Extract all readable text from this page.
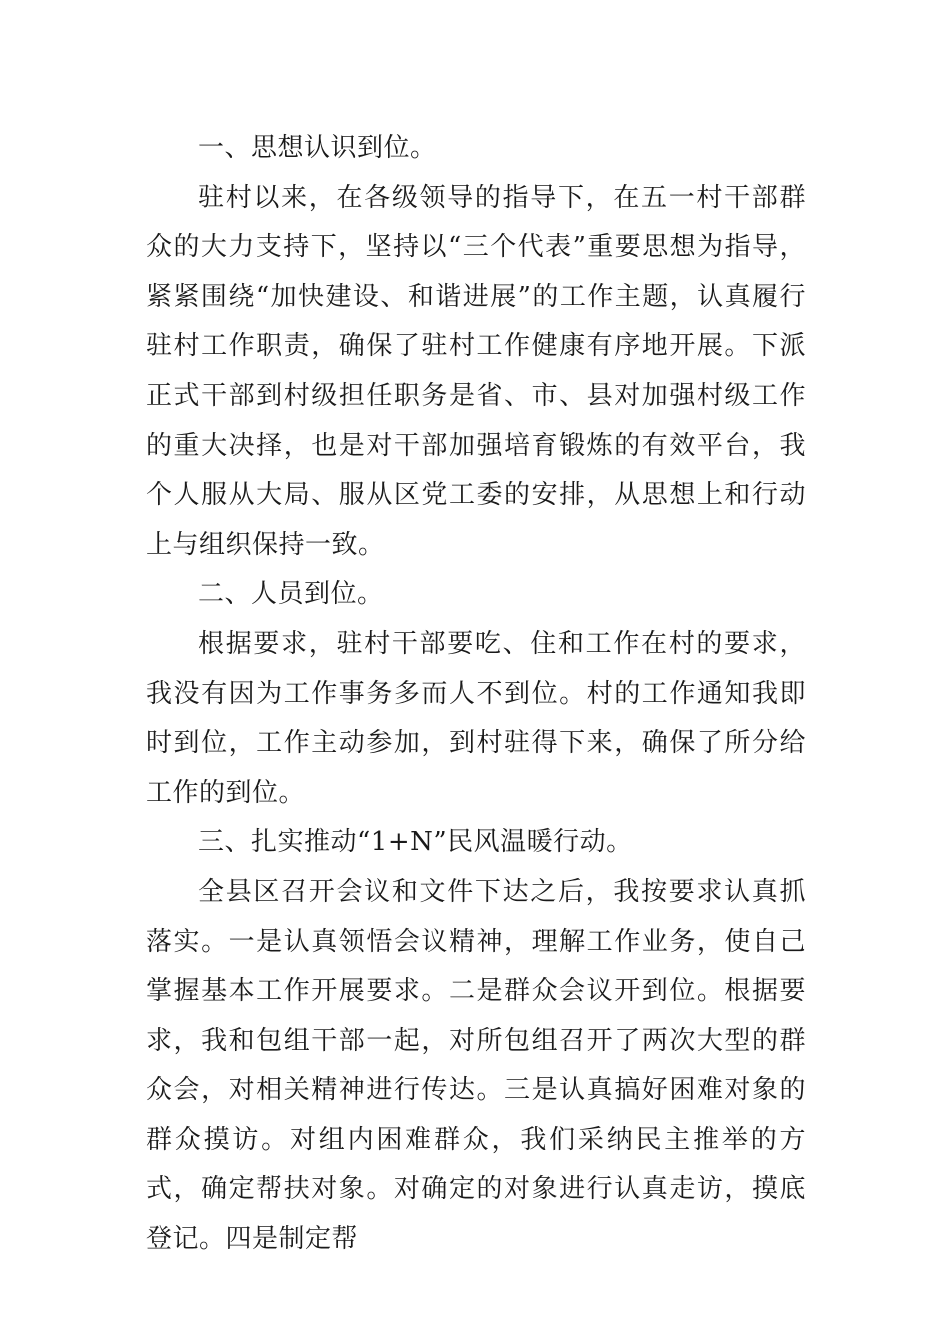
一、思想认识到位。

驻村以来，在各级领导的指导下，在五一村干部群众的大力支持下，坚持以“三个代表”重要思想为指导，紧紧围绕“加快建设、和谐进展”的工作主题，认真履行驻村工作职责，确保了驻村工作健康有序地开展。下派正式干部到村级担任职务是省、市、县对加强村级工作的重大决择，也是对干部加强培育锻炼的有效平台，我个人服从大局、服从区党工委的安排，从思想上和行动上与组织保持一致。

二、人员到位。

根据要求，驻村干部要吃、住和工作在村的要求，我没有因为工作事务多而人不到位。村的工作通知我即时到位，工作主动参加，到村驻得下来，确保了所分给工作的到位。

三、扎实推动“1+N”民风温暖行动。

全县区召开会议和文件下达之后，我按要求认真抓落实。一是认真领悟会议精神，理解工作业务，使自己掌握基本工作开展要求。二是群众会议开到位。根据要求，我和包组干部一起，对所包组召开了两次大型的群众会，对相关精神进行传达。三是认真搞好困难对象的群众摸访。对组内困难群众，我们采纳民主推举的方式，确定帮扶对象。对确定的对象进行认真走访，摸底登记。四是制定帮
